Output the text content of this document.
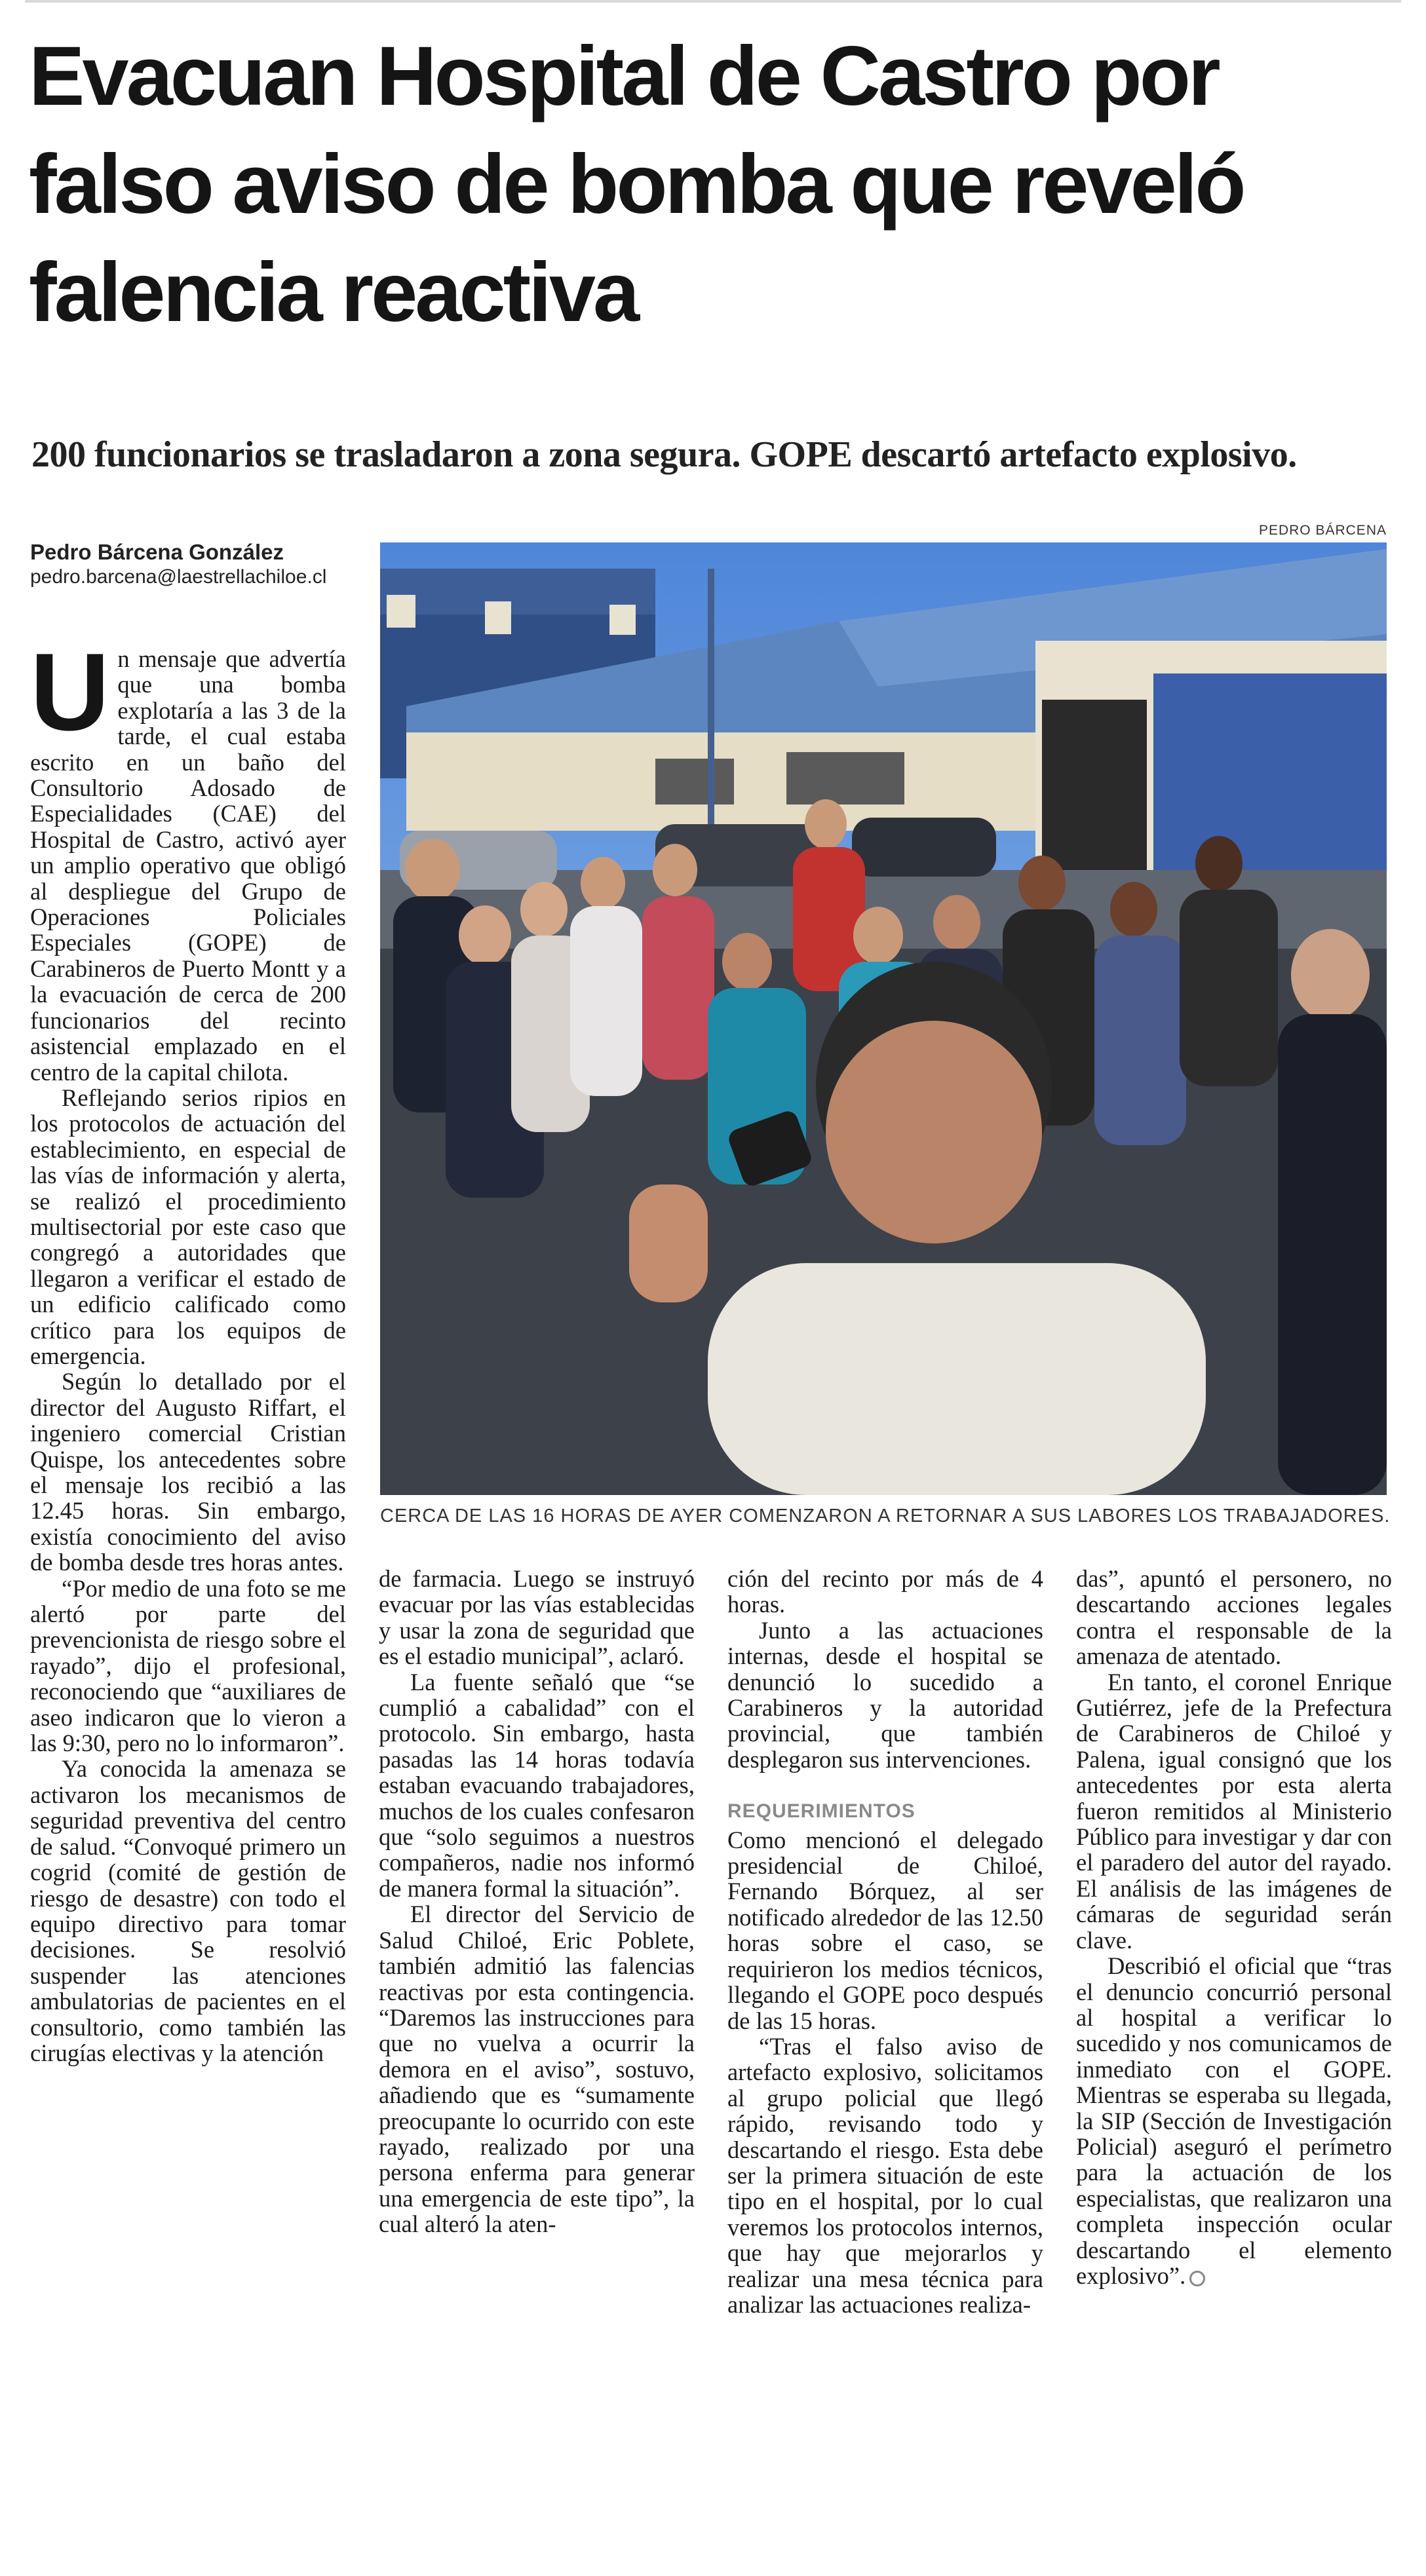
Evacuan Hospital de Castro por falso aviso de bomba que reveló falencia reactiva
200 funcionarios se trasladaron a zona segura. GOPE descartó artefacto explosivo.
Pedro Bárcena González
pedro.barcena@laestrellachiloe.cl
PEDRO BÁRCENA
CERCA DE LAS 16 HORAS DE AYER COMENZARON A RETORNAR A SUS LABORES LOS TRABAJADORES.

Un mensaje que advertía que una bomba explotaría a las 3 de la tarde, el cual estaba escrito en un baño del Consultorio Adosado de Especialidades (CAE) del Hospital de Castro, activó ayer un amplio operativo que obligó al despliegue del Grupo de Operaciones Policiales Especiales (GOPE) de Carabineros de Puerto Montt y a la evacuación de cerca de 200 funcionarios del recinto asistencial emplazado en el centro de la capital chilota.

Reflejando serios ripios en los protocolos de actuación del establecimiento, en especial de las vías de información y alerta, se realizó el procedimiento multisectorial por este caso que congregó a autoridades que llegaron a verificar el estado de un edificio calificado como crítico para los equipos de emergencia.

Según lo detallado por el director del Augusto Riffart, el ingeniero comercial Cristian Quispe, los antecedentes sobre el mensaje los recibió a las 12.45 horas. Sin embargo, existía conocimiento del aviso de bomba desde tres horas antes.

“Por medio de una foto se me alertó por parte del prevencionista de riesgo sobre el rayado”, dijo el profesional, reconociendo que “auxiliares de aseo indicaron que lo vieron a las 9:30, pero no lo informaron”.

Ya conocida la amenaza se activaron los mecanismos de seguridad preventiva del centro de salud. “Convoqué primero un cogrid (comité de gestión de riesgo de desastre) con todo el equipo directivo para tomar decisiones. Se resolvió suspender las atenciones ambulatorias de pacientes en el consultorio, como también las cirugías electivas y la atención

de farmacia. Luego se instruyó evacuar por las vías establecidas y usar la zona de seguridad que es el estadio municipal”, aclaró.

La fuente señaló que “se cumplió a cabalidad” con el protocolo. Sin embargo, hasta pasadas las 14 horas todavía estaban evacuando trabajadores, muchos de los cuales confesaron que “solo seguimos a nuestros compañeros, nadie nos informó de manera formal la situación”.

El director del Servicio de Salud Chiloé, Eric Poblete, también admitió las falencias reactivas por esta contingencia. “Daremos las instrucciones para que no vuelva a ocurrir la demora en el aviso”, sostuvo, añadiendo que es “sumamente preocupante lo ocurrido con este rayado, realizado por una persona enferma para generar una emergencia de este tipo”, la cual alteró la aten-

ción del recinto por más de 4 horas.

Junto a las actuaciones internas, desde el hospital se denunció lo sucedido a Carabineros y la autoridad provincial, que también desplegaron sus intervenciones.

REQUERIMIENTOS

Como mencionó el delegado presidencial de Chiloé, Fernando Bórquez, al ser notificado alrededor de las 12.50 horas sobre el caso, se requirieron los medios técnicos, llegando el GOPE poco después de las 15 horas.

“Tras el falso aviso de artefacto explosivo, solicitamos al grupo policial que llegó rápido, revisando todo y descartando el riesgo. Esta debe ser la primera situación de este tipo en el hospital, por lo cual veremos los protocolos internos, que hay que mejorarlos y realizar una mesa técnica para analizar las actuaciones realiza-

das”, apuntó el personero, no descartando acciones legales contra el responsable de la amenaza de atentado.

En tanto, el coronel Enrique Gutiérrez, jefe de la Prefectura de Carabineros de Chiloé y Palena, igual consignó que los antecedentes por esta alerta fueron remitidos al Ministerio Público para investigar y dar con el paradero del autor del rayado. El análisis de las imágenes de cámaras de seguridad serán clave.

Describió el oficial que “tras el denuncio concurrió personal al hospital a verificar lo sucedido y nos comunicamos de inmediato con el GOPE. Mientras se esperaba su llegada, la SIP (Sección de Investigación Policial) aseguró el perímetro para la actuación de los especialistas, que realizaron una completa inspección ocular descartando el elemento explosivo”.
